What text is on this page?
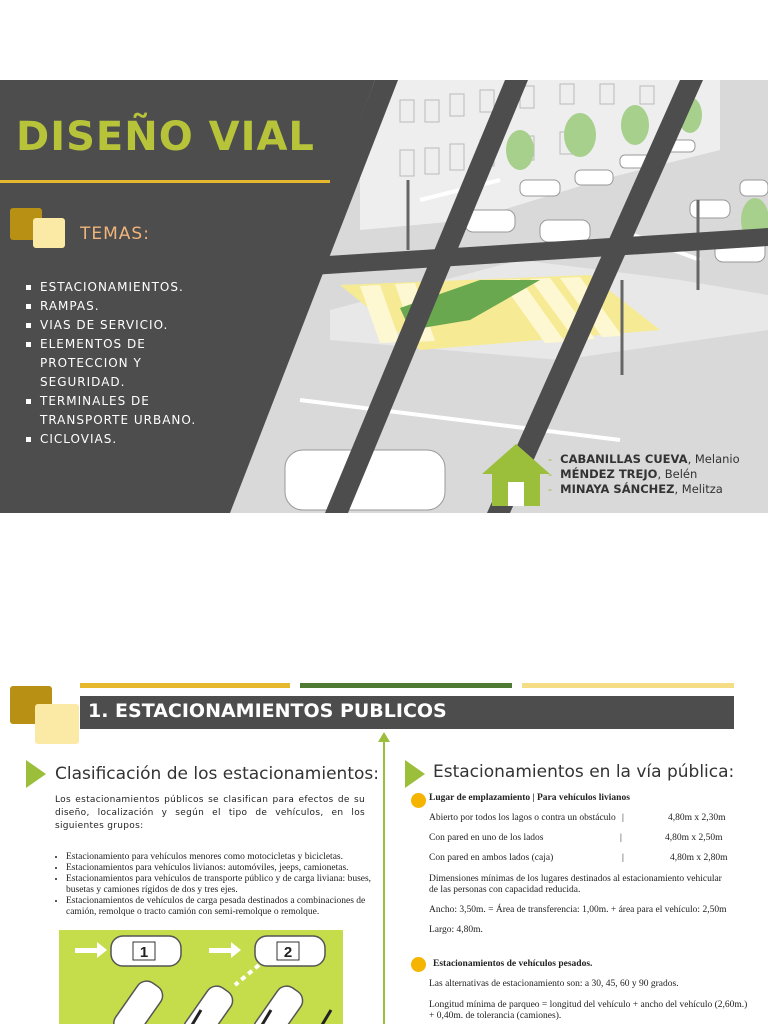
DISEÑO VIAL
TEMAS:
ESTACIONAMIENTOS.
RAMPAS.
VIAS DE SERVICIO.
ELEMENTOS DE PROTECCION Y SEGURIDAD.
TERMINALES DE TRANSPORTE URBANO.
CICLOVIAS.
- CABANILLAS CUEVA, Melanio
- MÉNDEZ TREJO, Belén
- MINAYA SÁNCHEZ, Melitza
1. ESTACIONAMIENTOS PUBLICOS
Clasificación de los estacionamientos:

Los estacionamientos públicos se clasifican para efectos de su diseño, localización y según el tipo de vehículos, en los siguientes grupos:

• Estacionamiento para vehículos menores como motocicletas y bicicletas.
• Estacionamientos para vehículos livianos: automóviles, jeeps, camionetas.
• Estacionamientos para vehículos de transporte público y de carga liviana: buses, busetas y camiones rígidos de dos y tres ejes.
• Estacionamientos de vehículos de carga pesada destinados a combinaciones de camión, remolque o tracto camión con semi-remolque o remolque.
1	2
Estacionamientos en la vía pública:

Lugar de emplazamiento | Para vehículos livianos

Abierto por todos los lagos o contra un obstáculo |	4,80m x 2,30m
Con pared en uno de los lados	|	4,80m x 2,50m
Con pared en ambos lados (caja)	|	4,80m x 2,80m

Dimensiones mínimas de los lugares destinados al estacionamiento vehicular de las personas con capacidad reducida.

Ancho: 3,50m. = Área de transferencia: 1,00m. + área para el vehículo: 2,50m

Largo: 4,80m.

Estacionamientos de vehículos pesados.

Las alternativas de estacionamiento son: a 30, 45, 60 y 90 grados.

Longitud mínima de parqueo = longitud del vehículo + ancho del vehículo (2,60m.) + 0,40m. de tolerancia (camiones).
